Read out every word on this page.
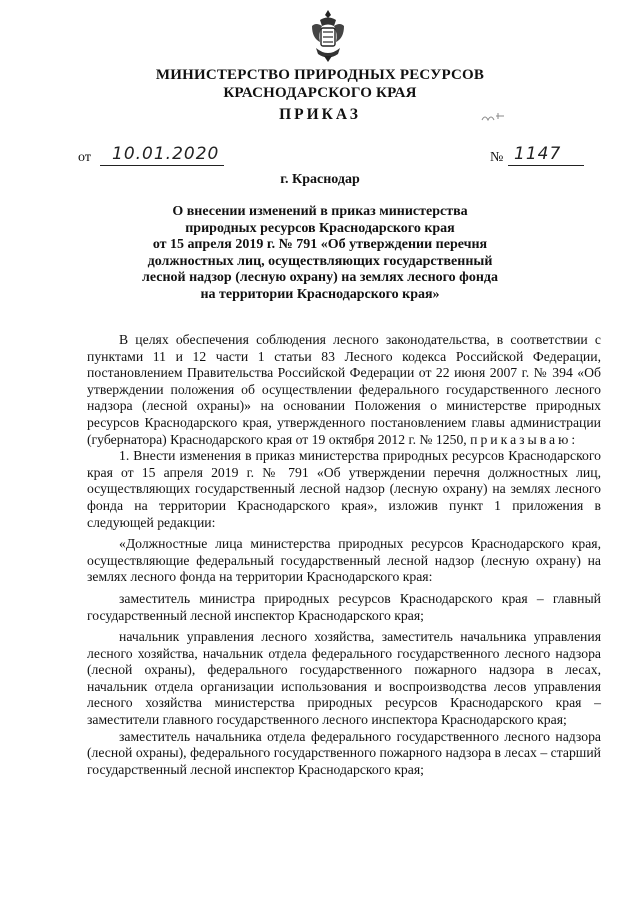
МИНИСТЕРСТВО ПРИРОДНЫХ РЕСУРСОВ
КРАСНОДАРСКОГО КРАЯ
ПРИКАЗ
от 10.01.2020	№ 1147
г. Краснодар
О внесении изменений в приказ министерства
природных ресурсов Краснодарского края
от 15 апреля 2019 г. № 791 «Об утверждении перечня
должностных лиц, осуществляющих государственный
лесной надзор (лесную охрану) на землях лесного фонда
на территории Краснодарского края»

В целях обеспечения соблюдения лесного законодательства, в соответствии с пунктами 11 и 12 части 1 статьи 83 Лесного кодекса Российской Федерации, постановлением Правительства Российской Федерации от 22 июня 2007 г. № 394 «Об утверждении положения об осуществлении федерального государственного лесного надзора (лесной охраны)» на основании Положения о министерстве природных ресурсов Краснодарского края, утвержденного постановлением главы администрации (губернатора) Краснодарского края от 19 октября 2012 г. № 1250, приказываю:

1. Внести изменения в приказ министерства природных ресурсов Краснодарского края от 15 апреля 2019 г. № 791 «Об утверждении перечня должностных лиц, осуществляющих государственный лесной надзор (лесную охрану) на землях лесного фонда на территории Краснодарского края», изложив пункт 1 приложения в следующей редакции:

«Должностные лица министерства природных ресурсов Краснодарского края, осуществляющие федеральный государственный лесной надзор (лесную охрану) на землях лесного фонда на территории Краснодарского края:

заместитель министра природных ресурсов Краснодарского края – главный государственный лесной инспектор Краснодарского края;

начальник управления лесного хозяйства, заместитель начальника управления лесного хозяйства, начальник отдела федерального государственного лесного надзора (лесной охраны), федерального государственного пожарного надзора в лесах, начальник отдела организации использования и воспроизводства лесов управления лесного хозяйства министерства природных ресурсов Краснодарского края – заместители главного государственного лесного инспектора Краснодарского края;

заместитель начальника отдела федерального государственного лесного надзора (лесной охраны), федерального государственного пожарного надзора в лесах – старший государственный лесной инспектор Краснодарского края;
